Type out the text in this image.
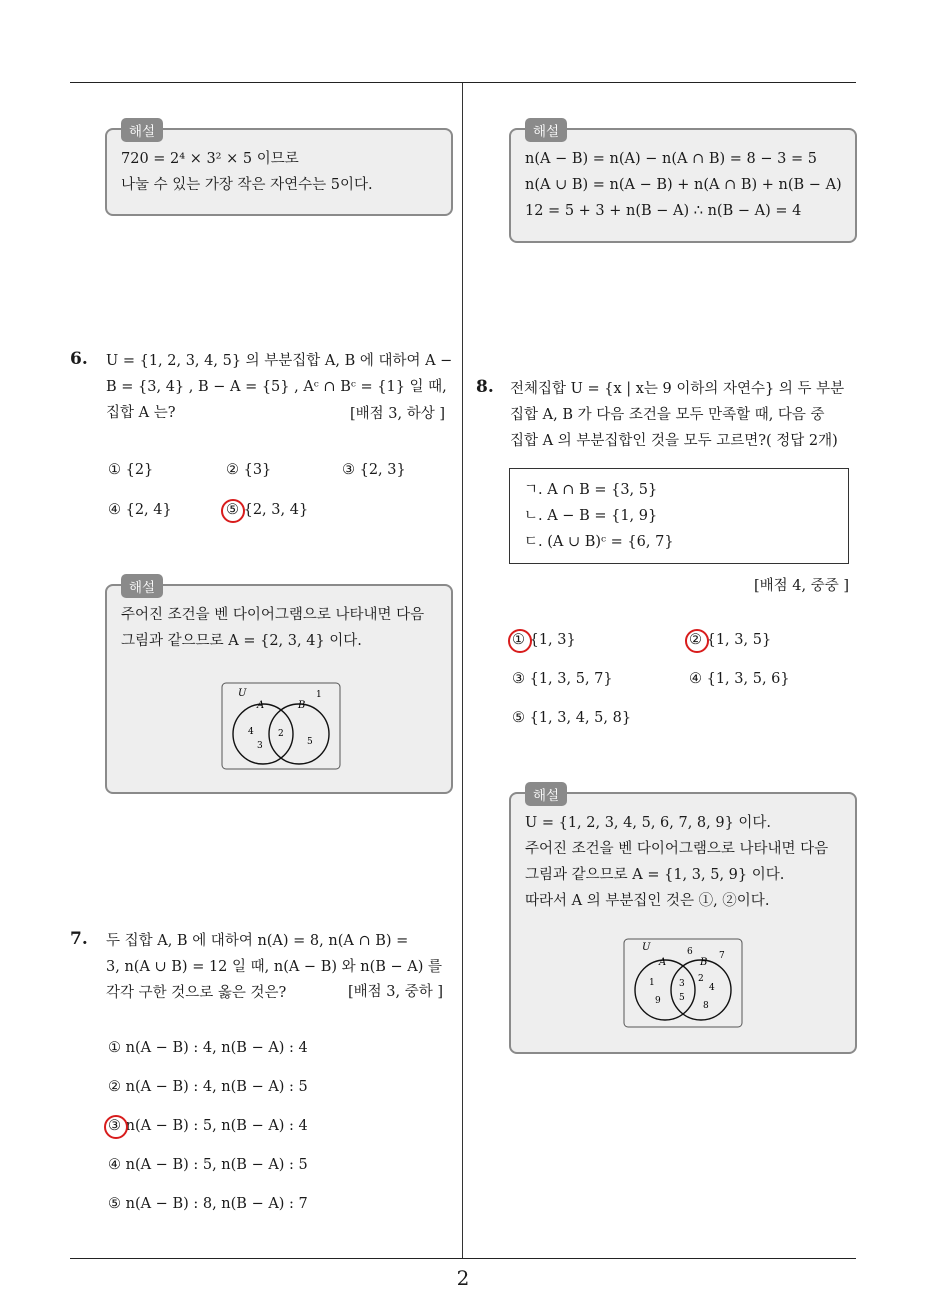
해설
720 = 2⁴ × 3² × 5 이므로
나눌 수 있는 가장 작은 자연수는 5이다.
해설
n(A − B) = n(A) − n(A ∩ B) = 8 − 3 = 5
n(A ∪ B) = n(A − B) + n(A ∩ B) + n(B − A)
12 = 5 + 3 + n(B − A) ∴ n(B − A) = 4
6. U = {1, 2, 3, 4, 5} 의 부분집합 A, B 에 대하여 A −
B = {3, 4} , B − A = {5} , Aᶜ ∩ Bᶜ = {1} 일 때,
집합 A 는?	[배점 3, 하상 ]
① {2}	② {3}	③ {2, 3}
④ {2, 4}	⑤ {2, 3, 4}
해설
주어진 조건을 벤 다이어그램으로 나타내면 다음
그림과 같으므로 A = {2, 3, 4} 이다.
U
A	B
1
4
3
2
5
7. 두 집합 A, B 에 대하여 n(A) = 8, n(A ∩ B) =
3, n(A ∪ B) = 12 일 때, n(A − B) 와 n(B − A) 를
각각 구한 것으로 옳은 것은?	[배점 3, 중하 ]
① n(A − B) : 4, n(B − A) : 4
② n(A − B) : 4, n(B − A) : 5
③ n(A − B) : 5, n(B − A) : 4
④ n(A − B) : 5, n(B − A) : 5
⑤ n(A − B) : 8, n(B − A) : 7
8. 전체집합 U = {x | x는 9 이하의 자연수} 의 두 부분
집합 A, B 가 다음 조건을 모두 만족할 때, 다음 중
집합 A 의 부분집합인 것을 모두 고르면?( 정답 2개)
ㄱ. A ∩ B = {3, 5}
ㄴ. A − B = {1, 9}
ㄷ. (A ∪ B)ᶜ = {6, 7}
[배점 4, 중중 ]
① {1, 3}	② {1, 3, 5}
③ {1, 3, 5, 7}	④ {1, 3, 5, 6}
⑤ {1, 3, 4, 5, 8}
해설
U = {1, 2, 3, 4, 5, 6, 7, 8, 9} 이다.
주어진 조건을 벤 다이어그램으로 나타내면 다음
그림과 같으므로 A = {1, 3, 5, 9} 이다.
따라서 A 의 부분집인 것은 ①, ②이다.
U
A	B
6	7
1
9
3
5
2
4
8
2
